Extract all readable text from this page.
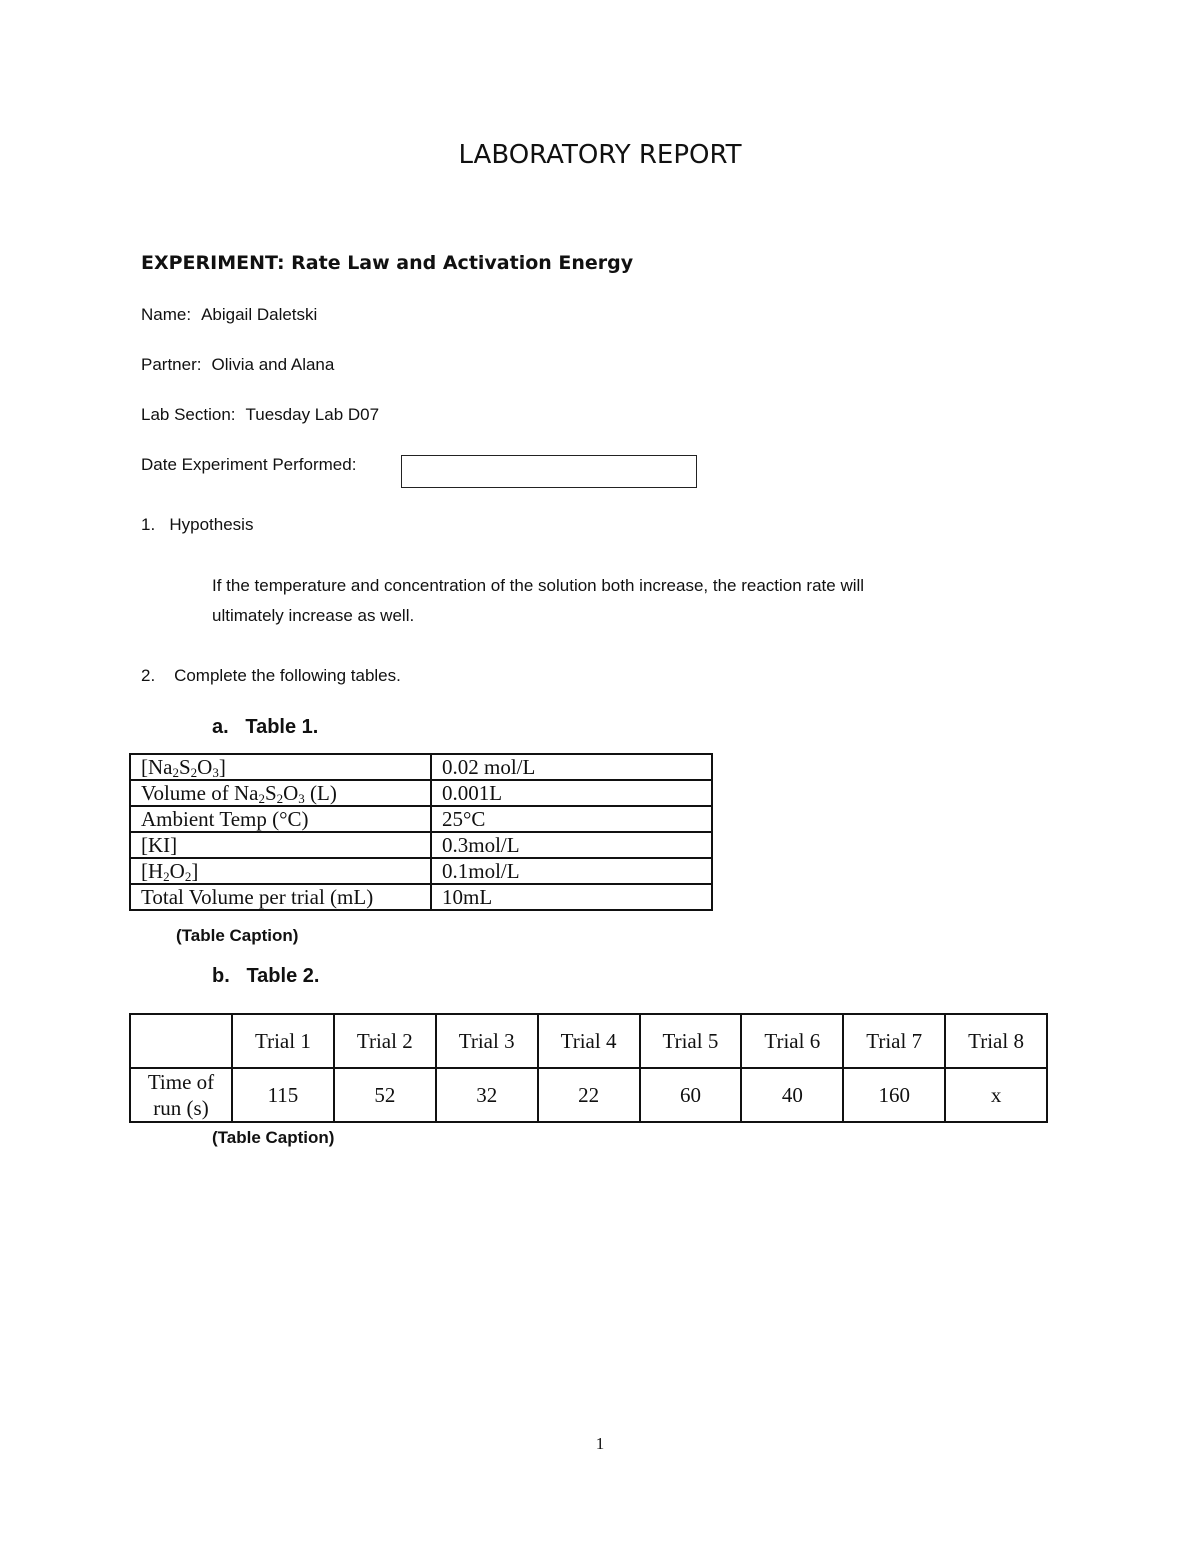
LABORATORY REPORT
EXPERIMENT: Rate Law and Activation Energy
Name: Abigail Daletski
Partner: Olivia and Alana
Lab Section: Tuesday Lab D07
Date Experiment Performed:
1.   Hypothesis
If the temperature and concentration of the solution both increase, the reaction rate will
ultimately increase as well.
2.    Complete the following tables.
a.   Table 1.
$[Na_2S_2O_3]$	0.02 mol/L
Volume of $Na_2S_2O_3$ (L)	0.001L
Ambient Temp (°C)	25°C
[KI]	0.3mol/L
$[H_2O_2]$	0.1mol/L
Total Volume per trial (mL)	10mL
(Table Caption)
b.   Table 2.
	Trial 1	Trial 2	Trial 3	Trial 4	Trial 5	Trial 6	Trial 7	Trial 8
Time of
run (s)	115	52	32	22	60	40	160	x
(Table Caption)
1
